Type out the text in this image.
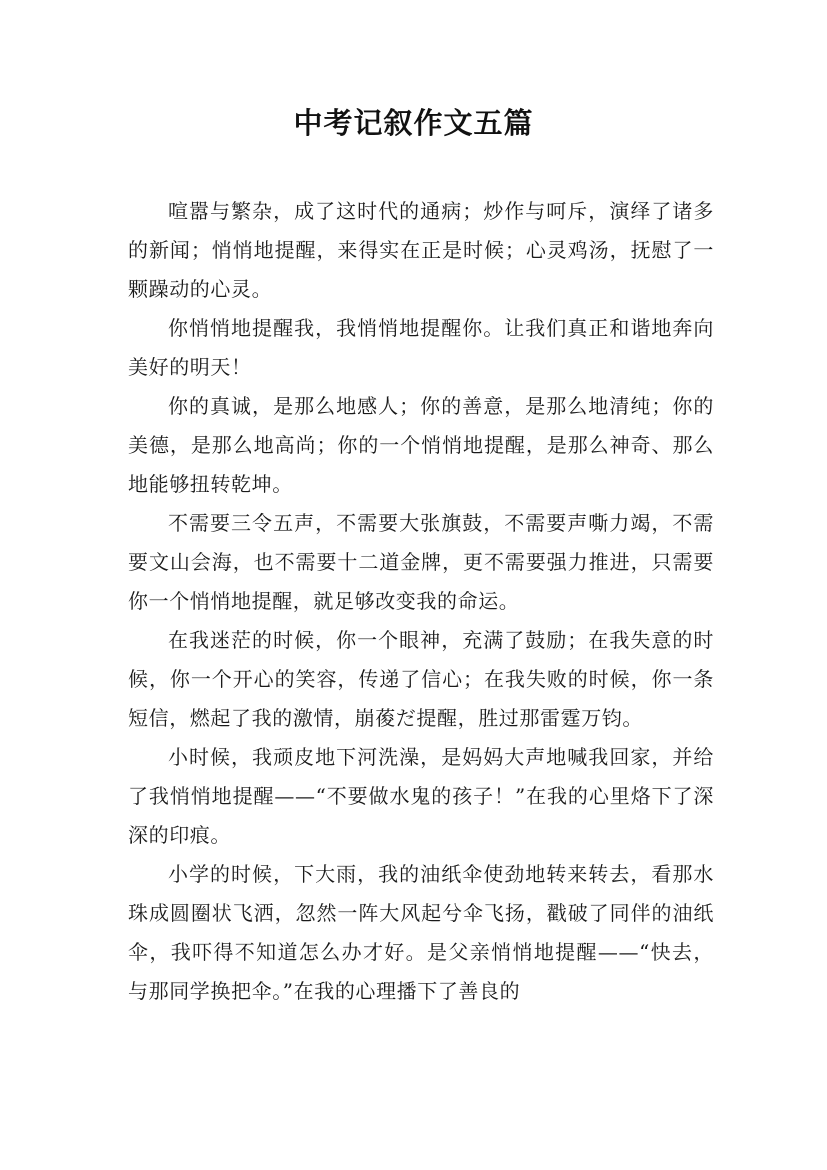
中考记叙作文五篇

喧嚣与繁杂，成了这时代的通病；炒作与呵斥，演绎了诸多的新闻；悄悄地提醒，来得实在正是时候；心灵鸡汤，抚慰了一颗躁动的心灵。

你悄悄地提醒我，我悄悄地提醒你。让我们真正和谐地奔向美好的明天！

你的真诚，是那么地感人；你的善意，是那么地清纯；你的美德，是那么地高尚；你的一个悄悄地提醒，是那么神奇、那么地能够扭转乾坤。

不需要三令五声，不需要大张旗鼓，不需要声嘶力竭，不需要文山会海，也不需要十二道金牌，更不需要强力推进，只需要你一个悄悄地提醒，就足够改变我的命运。

在我迷茫的时候，你一个眼神，充满了鼓励；在我失意的时候，你一个开心的笑容，传递了信心；在我失败的时候，你一条短信，燃起了我的激情，崩葰だ提醒，胜过那雷霆万钧。

小时候，我顽皮地下河洗澡，是妈妈大声地喊我回家，并给了我悄悄地提醒——“不要做水鬼的孩子！”在我的心里烙下了深深的印痕。

小学的时候，下大雨，我的油纸伞使劲地转来转去，看那水珠成圆圈状飞洒，忽然一阵大风起兮伞飞扬，戳破了同伴的油纸伞，我吓得不知道怎么办才好。是父亲悄悄地提醒——“快去，与那同学换把伞。”在我的心理播下了善良的
